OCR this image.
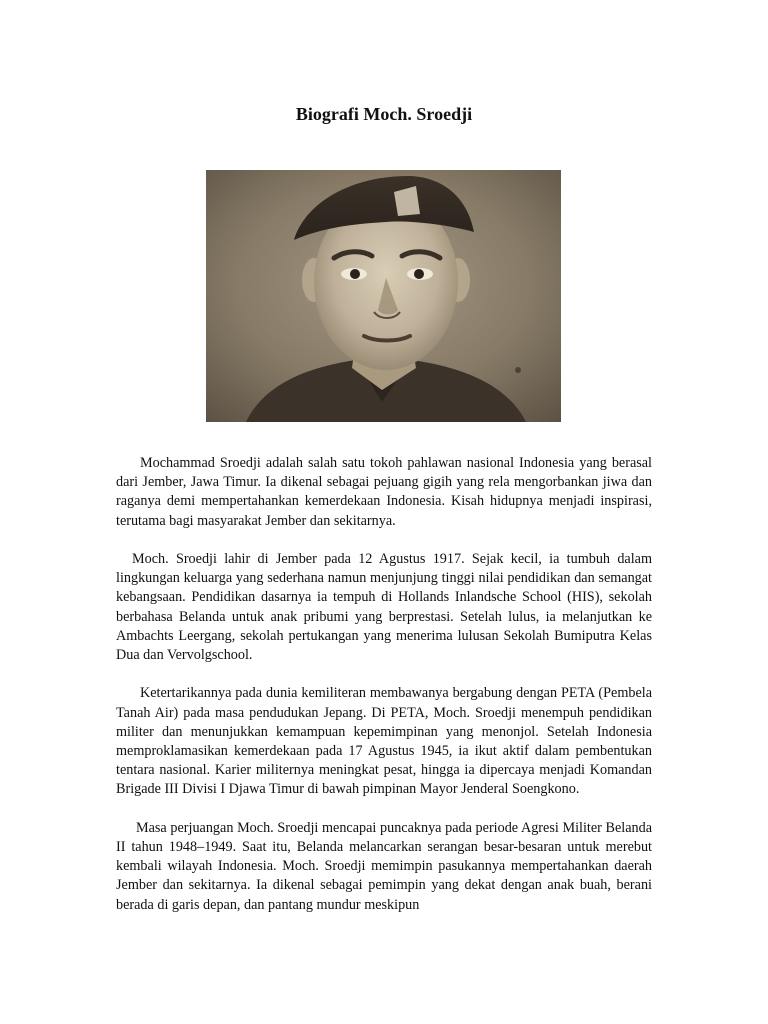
Biografi Moch. Sroedji

Mochammad Sroedji adalah salah satu tokoh pahlawan nasional Indonesia yang berasal dari Jember, Jawa Timur. Ia dikenal sebagai pejuang gigih yang rela mengorbankan jiwa dan raganya demi mempertahankan kemerdekaan Indonesia. Kisah hidupnya menjadi inspirasi, terutama bagi masyarakat Jember dan sekitarnya.

Moch. Sroedji lahir di Jember pada 12 Agustus 1917. Sejak kecil, ia tumbuh dalam lingkungan keluarga yang sederhana namun menjunjung tinggi nilai pendidikan dan semangat kebangsaan. Pendidikan dasarnya ia tempuh di Hollands Inlandsche School (HIS), sekolah berbahasa Belanda untuk anak pribumi yang berprestasi. Setelah lulus, ia melanjutkan ke Ambachts Leergang, sekolah pertukangan yang menerima lulusan Sekolah Bumiputra Kelas Dua dan Vervolgschool.

Ketertarikannya pada dunia kemiliteran membawanya bergabung dengan PETA (Pembela Tanah Air) pada masa pendudukan Jepang. Di PETA, Moch. Sroedji menempuh pendidikan militer dan menunjukkan kemampuan kepemimpinan yang menonjol. Setelah Indonesia memproklamasikan kemerdekaan pada 17 Agustus 1945, ia ikut aktif dalam pembentukan tentara nasional. Karier militernya meningkat pesat, hingga ia dipercaya menjadi Komandan Brigade III Divisi I Djawa Timur di bawah pimpinan Mayor Jenderal Soengkono.

Masa perjuangan Moch. Sroedji mencapai puncaknya pada periode Agresi Militer Belanda II tahun 1948–1949. Saat itu, Belanda melancarkan serangan besar-besaran untuk merebut kembali wilayah Indonesia. Moch. Sroedji memimpin pasukannya mempertahankan daerah Jember dan sekitarnya. Ia dikenal sebagai pemimpin yang dekat dengan anak buah, berani berada di garis depan, dan pantang mundur meskipun
